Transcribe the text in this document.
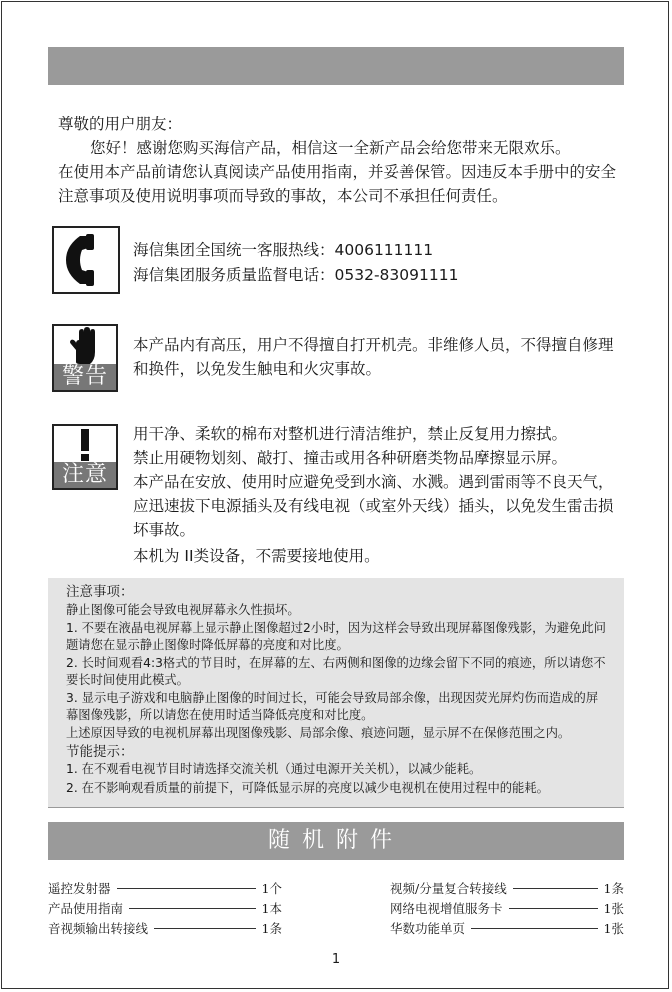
尊敬的用户朋友：

您好！感谢您购买海信产品，相信这一全新产品会给您带来无限欢乐。

在使用本产品前请您认真阅读产品使用指南，并妥善保管。因违反本手册中的安全注意事项及使用说明事项而导致的事故，本公司不承担任何责任。

海信集团全国统一客服热线：4006111111

海信集团服务质量监督电话：0532-83091111

警告
本产品内有高压，用户不得擅自打开机壳。非维修人员，不得擅自修理和换件，以免发生触电和火灾事故。
注意

用干净、柔软的棉布对整机进行清洁维护，禁止反复用力擦拭。

禁止用硬物划刻、敲打、撞击或用各种研磨类物品摩擦显示屏。

本产品在安放、使用时应避免受到水滴、水溅。遇到雷雨等不良天气，应迅速拔下电源插头及有线电视（或室外天线）插头，以免发生雷击损坏事故。

本机为 II类设备，不需要接地使用。

注意事项：

静止图像可能会导致电视屏幕永久性损坏。

1. 不要在液晶电视屏幕上显示静止图像超过2小时，因为这样会导致出现屏幕图像残影，为避免此问题请您在显示静止图像时降低屏幕的亮度和对比度。

2. 长时间观看4:3格式的节目时，在屏幕的左、右两侧和图像的边缘会留下不同的痕迹，所以请您不要长时间使用此模式。

3. 显示电子游戏和电脑静止图像的时间过长，可能会导致局部余像，出现因荧光屏灼伤而造成的屏幕图像残影，所以请您在使用时适当降低亮度和对比度。

上述原因导致的电视机屏幕出现图像残影、局部余像、痕迹问题，显示屏不在保修范围之内。

节能提示：

1. 在不观看电视节目时请选择交流关机（通过电源开关关机），以减少能耗。

2. 在不影响观看质量的前提下，可降低显示屏的亮度以减少电视机在使用过程中的能耗。

随机附件
遥控发射器	1个
产品使用指南	1本
音视频输出转接线	1条
视频/分量复合转接线	1条
网络电视增值服务卡	1张
华数功能单页	1张
1
